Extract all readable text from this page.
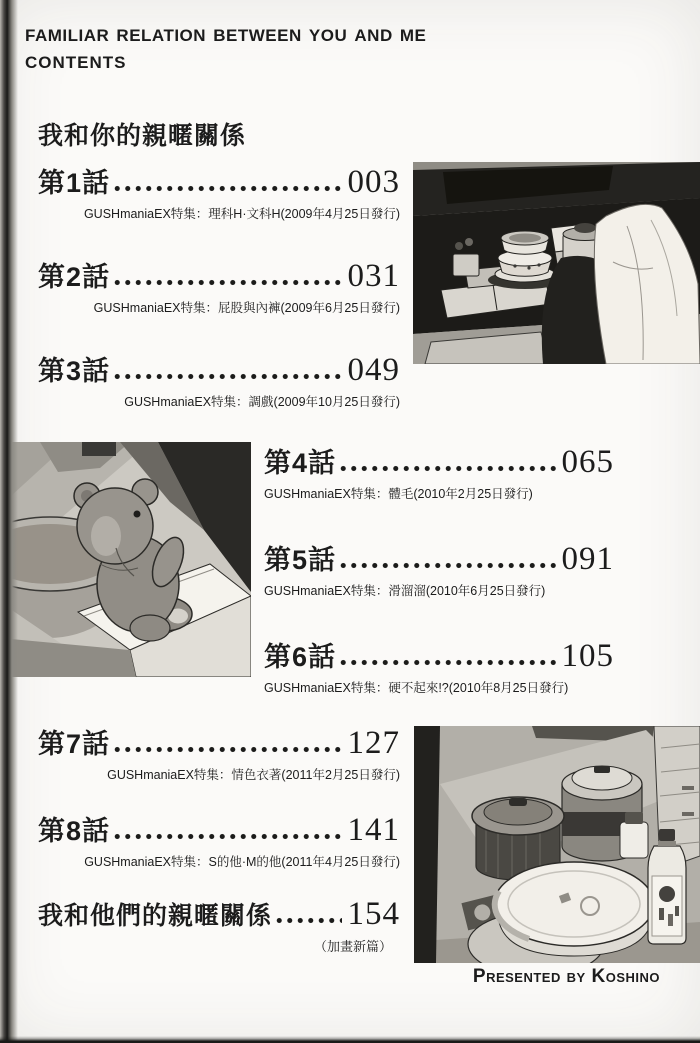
familiar relation between you and me
CONTENTS
我和你的親暱關係
第1話	003
GUSHmaniaEX特集：理科H·文科H(2009年4月25日發行)
第2話	031
GUSHmaniaEX特集：屁股與內褲(2009年6月25日發行)
第3話	049
GUSHmaniaEX特集：調戲(2009年10月25日發行)
第4話	065
GUSHmaniaEX特集：體毛(2010年2月25日發行)
第5話	091
GUSHmaniaEX特集：滑溜溜(2010年6月25日發行)
第6話	105
GUSHmaniaEX特集：硬不起來!?(2010年8月25日發行)
第7話	127
GUSHmaniaEX特集：情色衣著(2011年2月25日發行)
第8話	141
GUSHmaniaEX特集：S的他·M的他(2011年4月25日發行)
我和他們的親暱關係 154
（加畫新篇）
Presented by Koshino
